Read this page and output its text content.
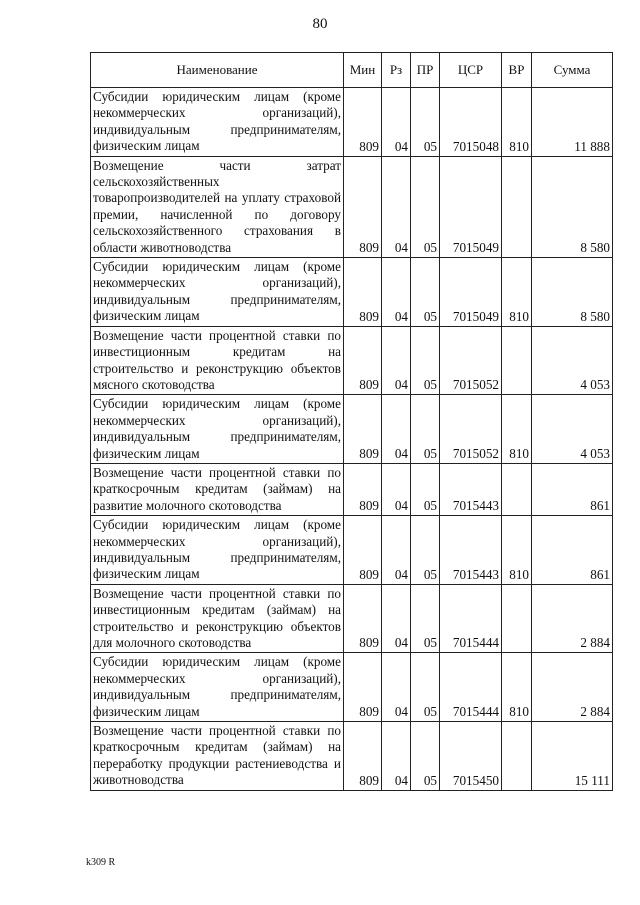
80
Наименование	Мин	Рз	ПР	ЦСР	ВР	Сумма
Субсидии юридическим лицам (кроме некоммерческих организаций), индивидуальным предпринимателям, физическим лицам	809	04	05	7015048	810	11 888
Возмещение части затрат сельскохозяйственных товаропроизводителей на уплату страховой премии, начисленной по договору сельскохозяйственного страхования в области животноводства	809	04	05	7015049		8 580
Субсидии юридическим лицам (кроме некоммерческих организаций), индивидуальным предпринимателям, физическим лицам	809	04	05	7015049	810	8 580
Возмещение части процентной ставки по инвестиционным кредитам на строительство и реконструкцию объектов мясного скотоводства	809	04	05	7015052		4 053
Субсидии юридическим лицам (кроме некоммерческих организаций), индивидуальным предпринимателям, физическим лицам	809	04	05	7015052	810	4 053
Возмещение части процентной ставки по краткосрочным кредитам (займам) на развитие молочного скотоводства	809	04	05	7015443		861
Субсидии юридическим лицам (кроме некоммерческих организаций), индивидуальным предпринимателям, физическим лицам	809	04	05	7015443	810	861
Возмещение части процентной ставки по инвестиционным кредитам (займам) на строительство и реконструкцию объектов для молочного скотоводства	809	04	05	7015444		2 884
Субсидии юридическим лицам (кроме некоммерческих организаций), индивидуальным предпринимателям, физическим лицам	809	04	05	7015444	810	2 884
Возмещение части процентной ставки по краткосрочным кредитам (займам) на переработку продукции растениеводства и животноводства	809	04	05	7015450		15 111
k309 R
